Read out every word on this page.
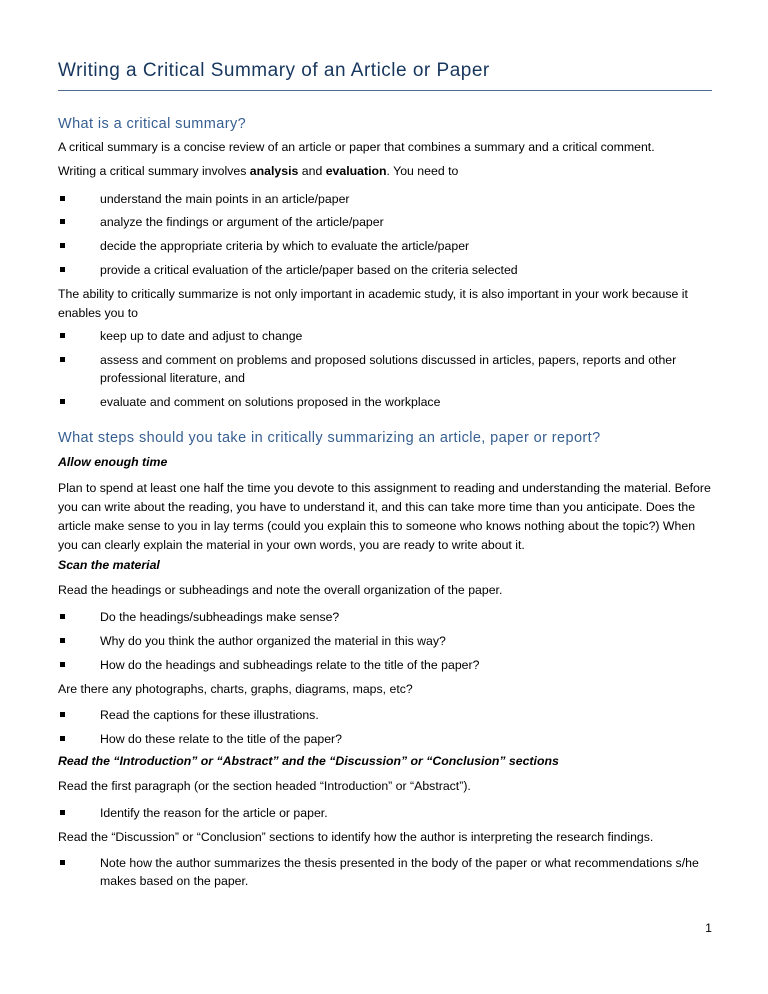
Writing a Critical Summary of an Article or Paper
What is a critical summary?
A critical summary is a concise review of an article or paper that combines a summary and a critical comment.
Writing a critical summary involves analysis and evaluation. You need to
understand the main points in an article/paper
analyze the findings or argument of the article/paper
decide the appropriate criteria by which to evaluate the article/paper
provide a critical evaluation of the article/paper based on the criteria selected
The ability to critically summarize is not only important in academic study, it is also important in your work because it
enables you to
keep up to date and adjust to change
assess and comment on problems and proposed solutions discussed in articles, papers, reports and other professional literature, and
evaluate and comment on solutions proposed in the workplace
What steps should you take in critically summarizing an article, paper or report?
Allow enough time
Plan to spend at least one half the time you devote to this assignment to reading and understanding the material. Before you can write about the reading, you have to understand it, and this can take more time than you anticipate. Does the article make sense to you in lay terms (could you explain this to someone who knows nothing about the topic?) When you can clearly explain the material in your own words, you are ready to write about it.
Scan the material
Read the headings or subheadings and note the overall organization of the paper.
Do the headings/subheadings make sense?
Why do you think the author organized the material in this way?
How do the headings and subheadings relate to the title of the paper?
Are there any photographs, charts, graphs, diagrams, maps, etc?
Read the captions for these illustrations.
How do these relate to the title of the paper?
Read the “Introduction” or “Abstract” and the “Discussion” or “Conclusion” sections
Read the first paragraph (or the section headed “Introduction” or “Abstract”).
Identify the reason for the article or paper.
Read the “Discussion” or “Conclusion” sections to identify how the author is interpreting the research findings.
Note how the author summarizes the thesis presented in the body of the paper or what recommendations s/he makes based on the paper.
1
